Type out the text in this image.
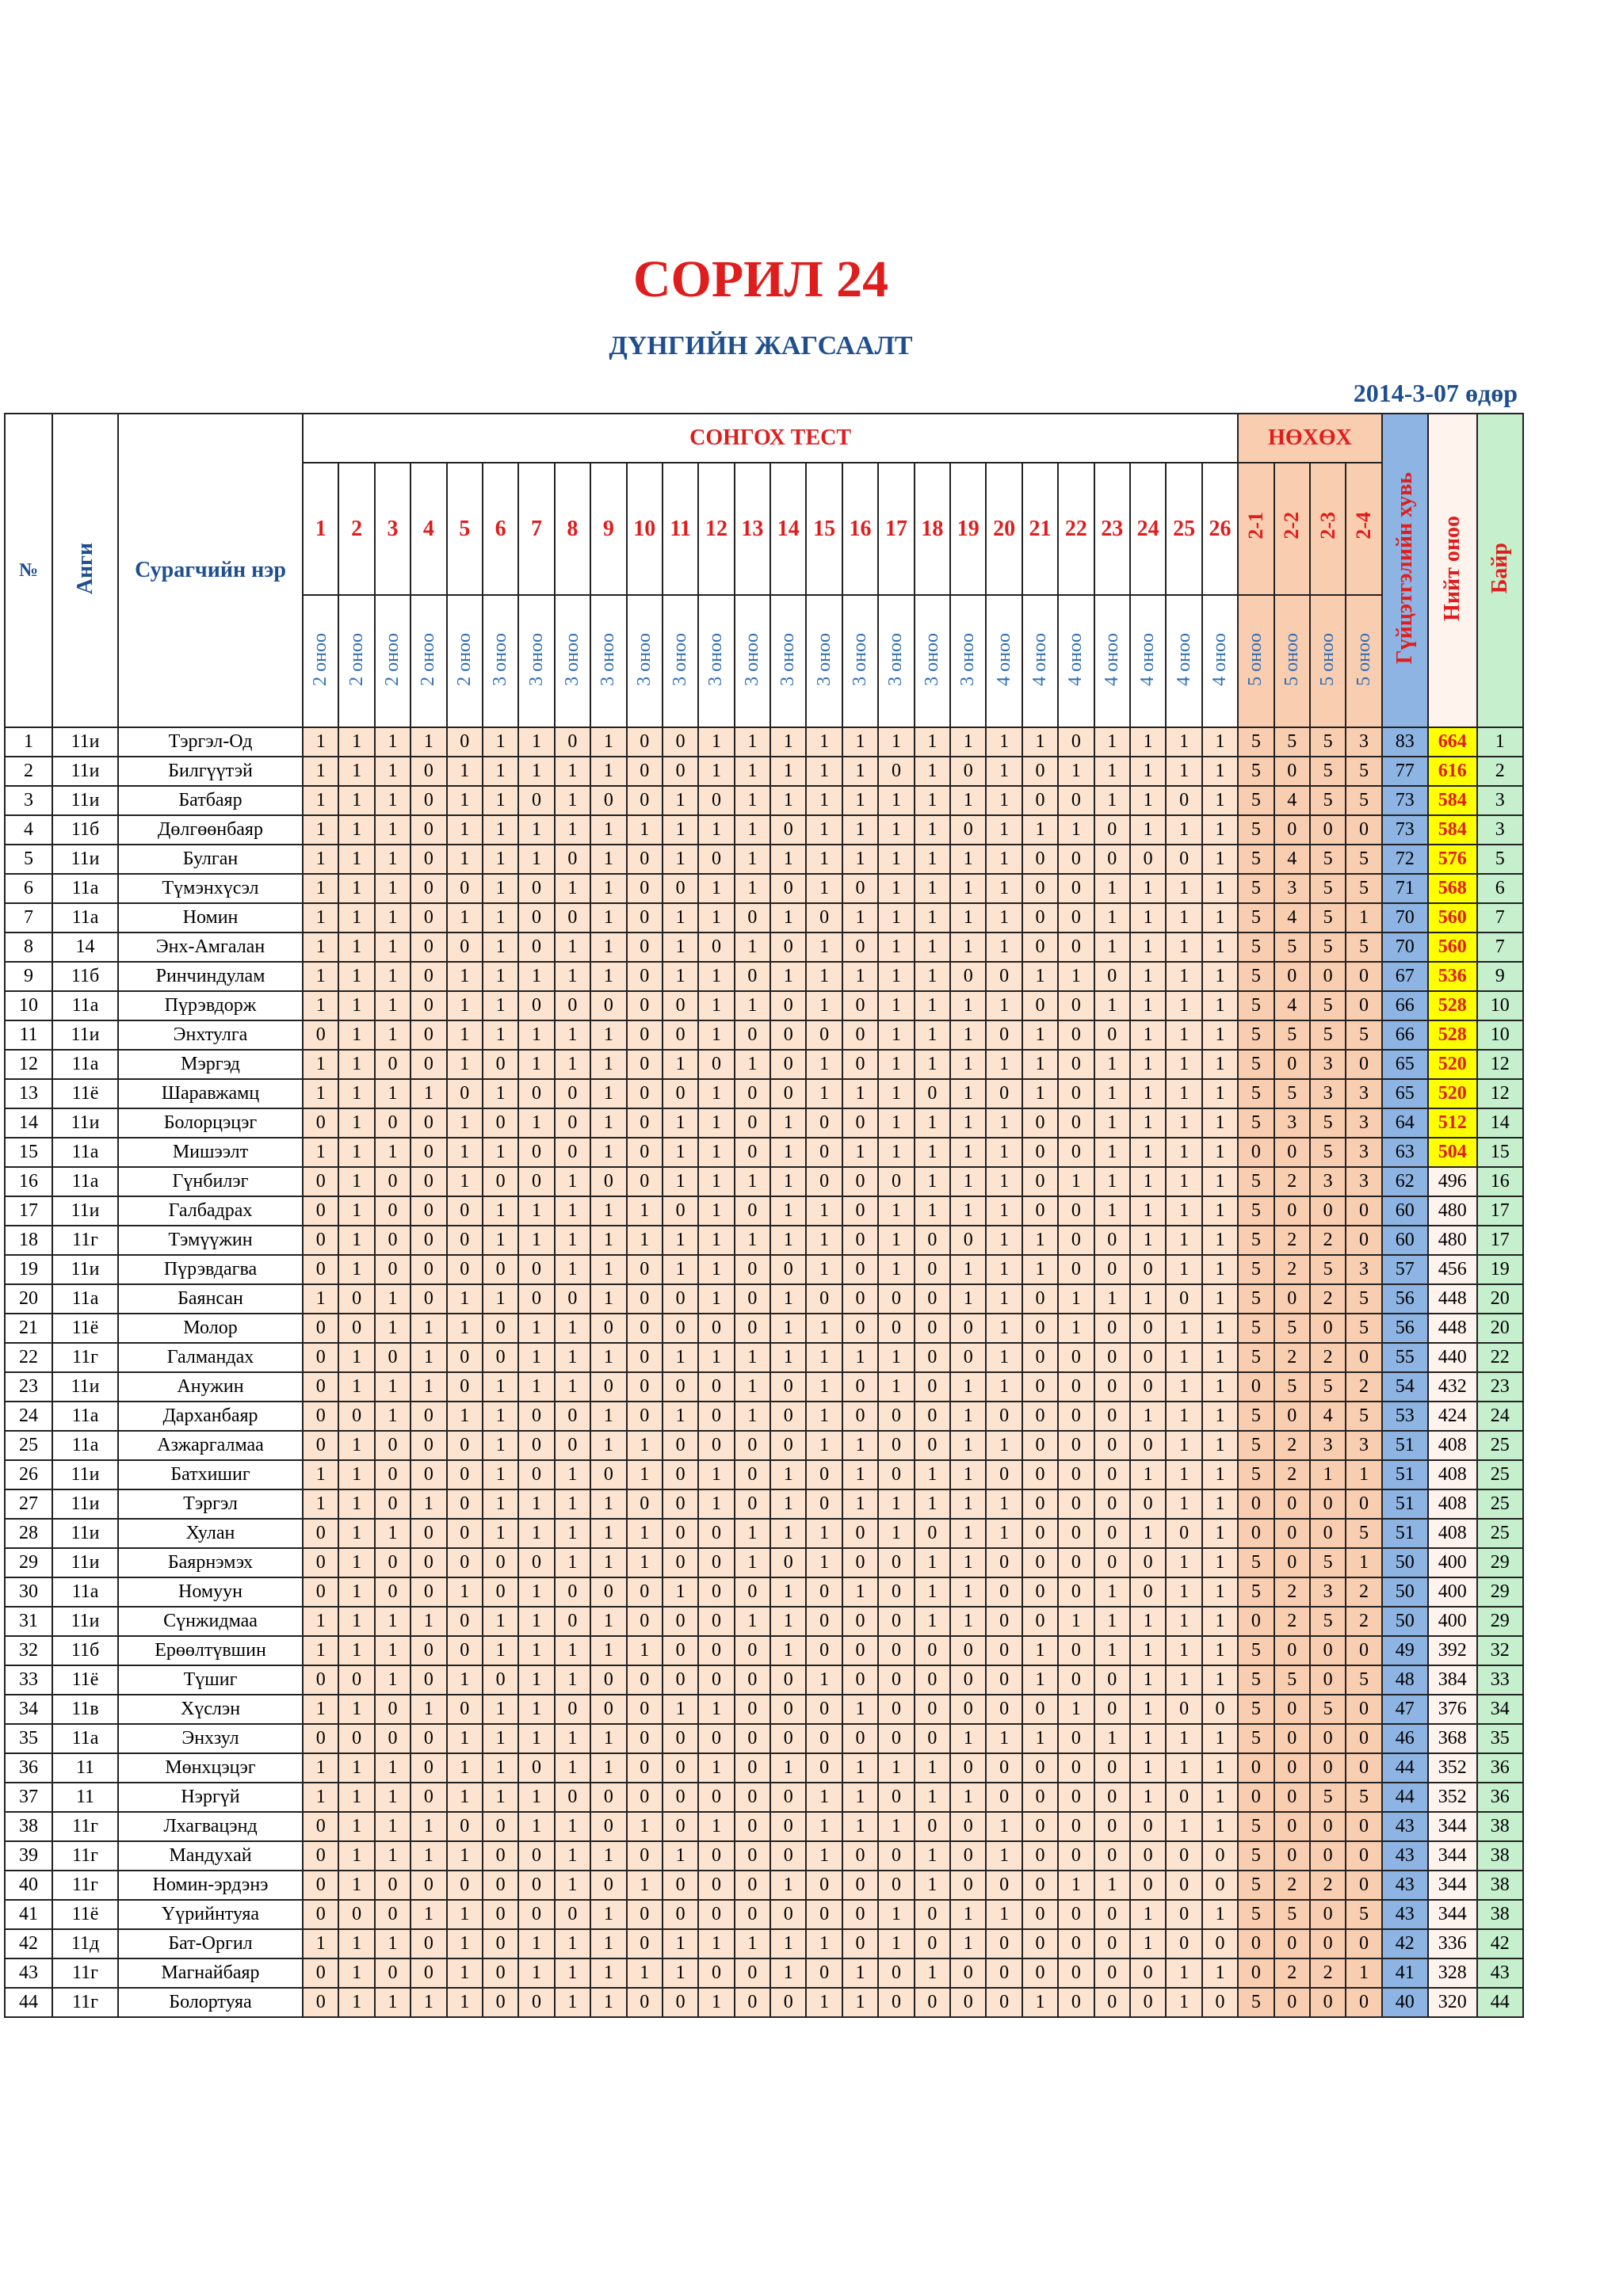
СОРИЛ 24
ДҮНГИЙН ЖАГСААЛТ
2014-3-07 өдөр
№	Анги	Сурагчийн нэр	СОНГОХ ТЕСТ																										НӨХӨХ				Гүйцэтгэлийн хувь	Нийт оноо	Байр
			1	2	3	4	5	6	7	8	9	10	11	12	13	14	15	16	17	18	19	20	21	22	23	24	25	26	2-1	2-2	2-3	2-4			
			2 оноо	2 оноо	2 оноо	2 оноо	2 оноо	3 оноо	3 оноо	3 оноо	3 оноо	3 оноо	3 оноо	3 оноо	3 оноо	3 оноо	3 оноо	3 оноо	3 оноо	3 оноо	3 оноо	4 оноо	4 оноо	4 оноо	4 оноо	4 оноо	4 оноо	4 оноо	5 оноо	5 оноо	5 оноо	5 оноо			
1	11и	Тэргэл-Од	1	1	1	1	0	1	1	0	1	0	0	1	1	1	1	1	1	1	1	1	1	0	1	1	1	1	5	5	5	3	83	664	1
2	11и	Билгүүтэй	1	1	1	0	1	1	1	1	1	0	0	1	1	1	1	1	0	1	0	1	0	1	1	1	1	1	5	0	5	5	77	616	2
3	11и	Батбаяр	1	1	1	0	1	1	0	1	0	0	1	0	1	1	1	1	1	1	1	1	0	0	1	1	0	1	5	4	5	5	73	584	3
4	11б	Дөлгөөнбаяр	1	1	1	0	1	1	1	1	1	1	1	1	1	0	1	1	1	1	0	1	1	1	0	1	1	1	5	0	0	0	73	584	3
5	11и	Булган	1	1	1	0	1	1	1	0	1	0	1	0	1	1	1	1	1	1	1	1	0	0	0	0	0	1	5	4	5	5	72	576	5
6	11а	Түмэнхүсэл	1	1	1	0	0	1	0	1	1	0	0	1	1	0	1	0	1	1	1	1	0	0	1	1	1	1	5	3	5	5	71	568	6
7	11а	Номин	1	1	1	0	1	1	0	0	1	0	1	1	0	1	0	1	1	1	1	1	0	0	1	1	1	1	5	4	5	1	70	560	7
8	14	Энх-Амгалан	1	1	1	0	0	1	0	1	1	0	1	0	1	0	1	0	1	1	1	1	0	0	1	1	1	1	5	5	5	5	70	560	7
9	11б	Ринчиндулам	1	1	1	0	1	1	1	1	1	0	1	1	0	1	1	1	1	1	0	0	1	1	0	1	1	1	5	0	0	0	67	536	9
10	11а	Пүрэвдорж	1	1	1	0	1	1	0	0	0	0	0	1	1	0	1	0	1	1	1	1	0	0	1	1	1	1	5	4	5	0	66	528	10
11	11и	Энхтулга	0	1	1	0	1	1	1	1	1	0	0	1	0	0	0	0	1	1	1	0	1	0	0	1	1	1	5	5	5	5	66	528	10
12	11а	Мэргэд	1	1	0	0	1	0	1	1	1	0	1	0	1	0	1	0	1	1	1	1	1	0	1	1	1	1	5	0	3	0	65	520	12
13	11ё	Шаравжамц	1	1	1	1	0	1	0	0	1	0	0	1	0	0	1	1	1	0	1	0	1	0	1	1	1	1	5	5	3	3	65	520	12
14	11и	Болорцэцэг	0	1	0	0	1	0	1	0	1	0	1	1	0	1	0	0	1	1	1	1	0	0	1	1	1	1	5	3	5	3	64	512	14
15	11а	Мишээлт	1	1	1	0	1	1	0	0	1	0	1	1	0	1	0	1	1	1	1	1	0	0	1	1	1	1	0	0	5	3	63	504	15
16	11а	Гүнбилэг	0	1	0	0	1	0	0	1	0	0	1	1	1	1	0	0	0	1	1	1	0	1	1	1	1	1	5	2	3	3	62	496	16
17	11и	Галбадрах	0	1	0	0	0	1	1	1	1	1	0	1	0	1	1	0	1	1	1	1	0	0	1	1	1	1	5	0	0	0	60	480	17
18	11г	Тэмүүжин	0	1	0	0	0	1	1	1	1	1	1	1	1	1	1	0	1	0	0	1	1	0	0	1	1	1	5	2	2	0	60	480	17
19	11и	Пүрэвдагва	0	1	0	0	0	0	0	1	1	0	1	1	0	0	1	0	1	0	1	1	1	0	0	0	1	1	5	2	5	3	57	456	19
20	11а	Баянсан	1	0	1	0	1	1	0	0	1	0	0	1	0	1	0	0	0	0	1	1	0	1	1	1	0	1	5	0	2	5	56	448	20
21	11ё	Молор	0	0	1	1	1	0	1	1	0	0	0	0	0	1	1	0	0	0	0	1	0	1	0	0	1	1	5	5	0	5	56	448	20
22	11г	Галмандах	0	1	0	1	0	0	1	1	1	0	1	1	1	1	1	1	1	0	0	1	0	0	0	0	1	1	5	2	2	0	55	440	22
23	11и	Анужин	0	1	1	1	0	1	1	1	0	0	0	0	1	0	1	0	1	0	1	1	0	0	0	0	1	1	0	5	5	2	54	432	23
24	11а	Дарханбаяр	0	0	1	0	1	1	0	0	1	0	1	0	1	0	1	0	0	0	1	0	0	0	0	1	1	1	5	0	4	5	53	424	24
25	11а	Азжаргалмаа	0	1	0	0	0	1	0	0	1	1	0	0	0	0	1	1	0	0	1	1	0	0	0	0	1	1	5	2	3	3	51	408	25
26	11и	Батхишиг	1	1	0	0	0	1	0	1	0	1	0	1	0	1	0	1	0	1	1	0	0	0	0	1	1	1	5	2	1	1	51	408	25
27	11и	Тэргэл	1	1	0	1	0	1	1	1	1	0	0	1	0	1	0	1	1	1	1	1	0	0	0	0	1	1	0	0	0	0	51	408	25
28	11и	Хулан	0	1	1	0	0	1	1	1	1	1	0	0	1	1	1	0	1	0	1	1	0	0	0	1	0	1	0	0	0	5	51	408	25
29	11и	Баярнэмэх	0	1	0	0	0	0	0	1	1	1	0	0	1	0	1	0	0	1	1	0	0	0	0	0	1	1	5	0	5	1	50	400	29
30	11а	Номуун	0	1	0	0	1	0	1	0	0	0	1	0	0	1	0	1	0	1	1	0	0	0	1	0	1	1	5	2	3	2	50	400	29
31	11и	Сүнжидмаа	1	1	1	1	0	1	1	0	1	0	0	0	1	1	0	0	0	1	1	0	0	1	1	1	1	1	0	2	5	2	50	400	29
32	11б	Ерөөлтүвшин	1	1	1	0	0	1	1	1	1	1	0	0	0	1	0	0	0	0	0	0	1	0	1	1	1	1	5	0	0	0	49	392	32
33	11ё	Түшиг	0	0	1	0	1	0	1	1	0	0	0	0	0	0	1	0	0	0	0	0	1	0	0	1	1	1	5	5	0	5	48	384	33
34	11в	Хүслэн	1	1	0	1	0	1	1	0	0	0	1	1	0	0	0	1	0	0	0	0	0	1	0	1	0	0	5	0	5	0	47	376	34
35	11а	Энхзул	0	0	0	0	1	1	1	1	1	0	0	0	0	0	0	0	0	0	1	1	1	0	1	1	1	1	5	0	0	0	46	368	35
36	11	Мөнхцэцэг	1	1	1	0	1	1	0	1	1	0	0	1	0	1	0	1	1	1	0	0	0	0	0	1	1	1	0	0	0	0	44	352	36
37	11	Нэргүй	1	1	1	0	1	1	1	0	0	0	0	0	0	0	1	1	0	1	1	0	0	0	0	1	0	1	0	0	5	5	44	352	36
38	11г	Лхагвацэнд	0	1	1	1	0	0	1	1	0	1	0	1	0	0	1	1	1	0	0	1	0	0	0	0	1	1	5	0	0	0	43	344	38
39	11г	Мандухай	0	1	1	1	1	0	0	1	1	0	1	0	0	0	1	0	0	1	0	1	0	0	0	0	0	0	5	0	0	0	43	344	38
40	11г	Номин-эрдэнэ	0	1	0	0	0	0	0	1	0	1	0	0	0	1	0	0	0	1	0	0	0	1	1	0	0	0	5	2	2	0	43	344	38
41	11ё	Үүрийнтуяа	0	0	0	1	1	0	0	0	1	0	0	0	0	0	0	0	1	0	1	1	0	0	0	1	0	1	5	5	0	5	43	344	38
42	11д	Бат-Оргил	1	1	1	0	1	0	1	1	1	0	1	1	1	1	1	0	1	0	1	0	0	0	0	1	0	0	0	0	0	0	42	336	42
43	11г	Магнайбаяр	0	1	0	0	1	0	1	1	1	1	1	0	0	1	0	1	0	1	0	0	0	0	0	0	1	1	0	2	2	1	41	328	43
44	11г	Болортуяа	0	1	1	1	1	0	0	1	1	0	0	1	0	0	1	1	0	0	0	0	1	0	0	0	1	0	5	0	0	0	40	320	44
